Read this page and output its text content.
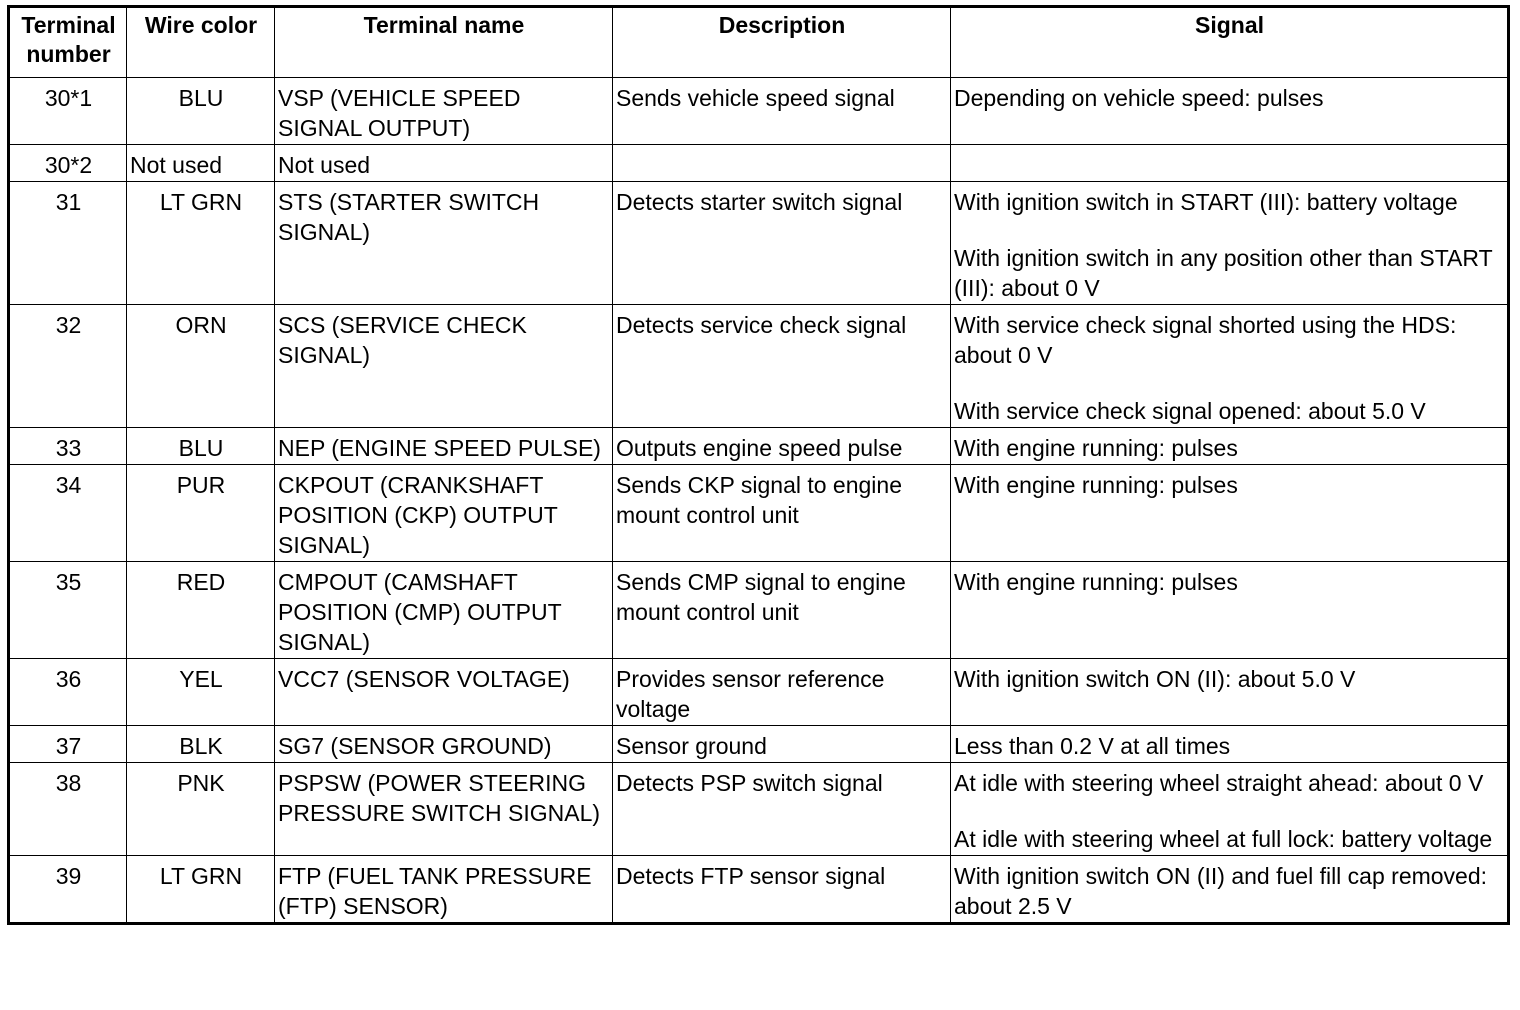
Terminal number	Wire color	Terminal name	Description	Signal
30*1	BLU	VSP (VEHICLE SPEED SIGNAL OUTPUT)	Sends vehicle speed signal	Depending on vehicle speed: pulses

30*2	Not used	Not used		
31	LT GRN	STS (STARTER SWITCH SIGNAL)	Detects starter switch signal	With ignition switch in START (III): battery voltage
With ignition switch in any position other than START (III): about 0 V

32	ORN	SCS (SERVICE CHECK SIGNAL)	Detects service check signal	With service check signal shorted using the HDS: about 0 V
With service check signal opened: about 5.0 V

33	BLU	NEP (ENGINE SPEED PULSE)	Outputs engine speed pulse	With engine running: pulses

34	PUR	CKPOUT (CRANKSHAFT POSITION (CKP) OUTPUT SIGNAL)	Sends CKP signal to engine mount control unit	With engine running: pulses

35	RED	CMPOUT (CAMSHAFT POSITION (CMP) OUTPUT SIGNAL)	Sends CMP signal to engine mount control unit	With engine running: pulses

36	YEL	VCC7 (SENSOR VOLTAGE)	Provides sensor reference voltage	With ignition switch ON (II): about 5.0 V

37	BLK	SG7 (SENSOR GROUND)	Sensor ground	Less than 0.2 V at all times

38	PNK	PSPSW (POWER STEERING PRESSURE SWITCH SIGNAL)	Detects PSP switch signal	At idle with steering wheel straight ahead: about 0 V
At idle with steering wheel at full lock: battery voltage

39	LT GRN	FTP (FUEL TANK PRESSURE (FTP) SENSOR)	Detects FTP sensor signal	With ignition switch ON (II) and fuel fill cap removed: about 2.5 V
